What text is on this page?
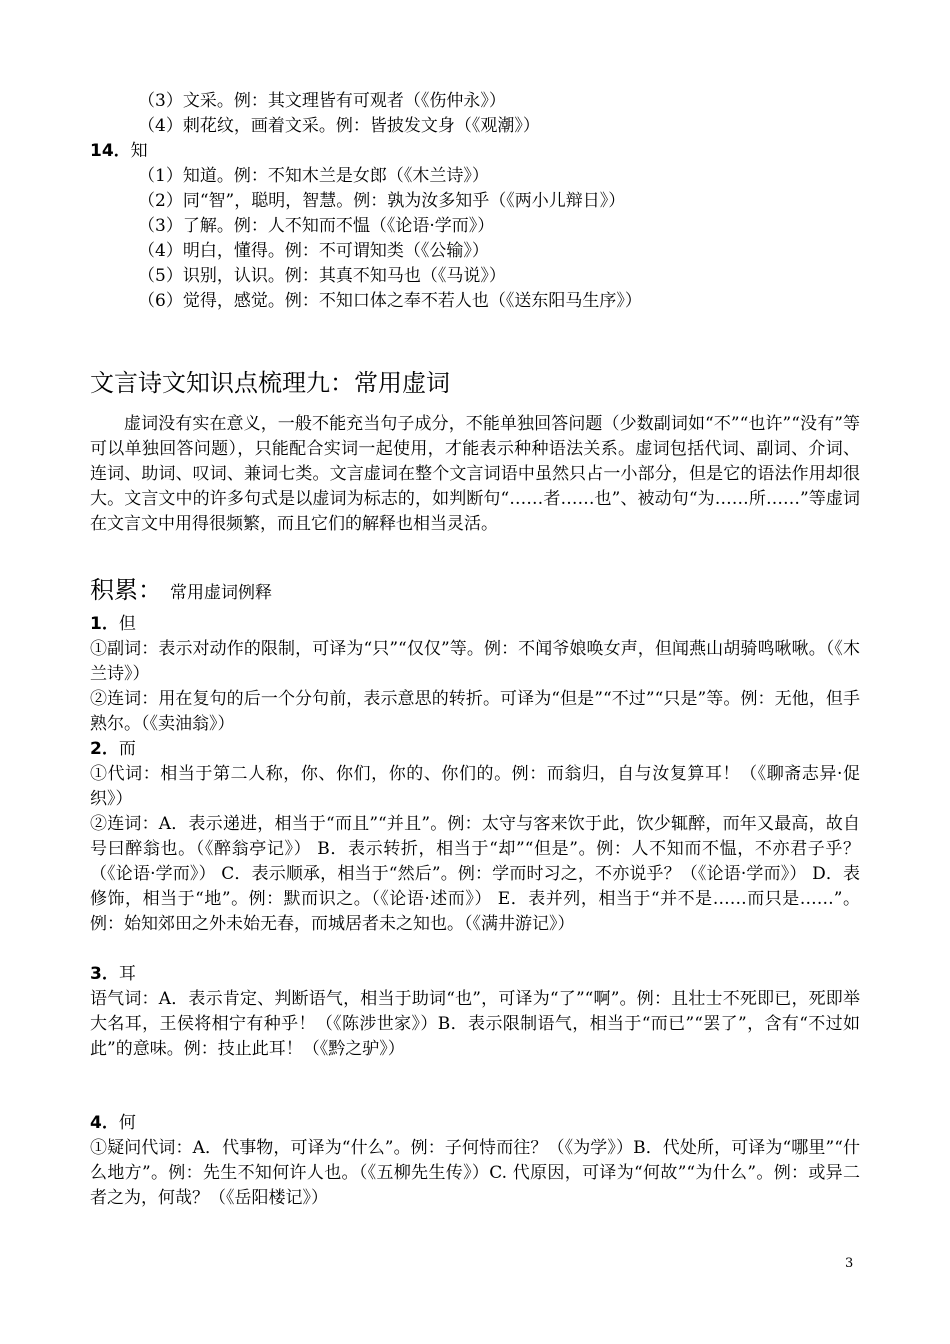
（3）文采。例：其文理皆有可观者（《伤仲永》）
（4）刺花纹，画着文采。例：皆披发文身（《观潮》）
14．知
（1）知道。例：不知木兰是女郎（《木兰诗》）
（2）同“智”，聪明，智慧。例：孰为汝多知乎（《两小儿辩日》）
（3）了解。例：人不知而不愠（《论语·学而》）
（4）明白，懂得。例：不可谓知类（《公输》）
（5）识别，认识。例：其真不知马也（《马说》）
（6）觉得，感觉。例：不知口体之奉不若人也（《送东阳马生序》）
文言诗文知识点梳理九：常用虚词
虚词没有实在意义，一般不能充当句子成分，不能单独回答问题（少数副词如“不”“也许”“没有”等可以单独回答问题），只能配合实词一起使用，才能表示种种语法关系。虚词包括代词、副词、介词、连词、助词、叹词、兼词七类。文言虚词在整个文言词语中虽然只占一小部分，但是它的语法作用却很大。文言文中的许多句式是以虚词为标志的，如判断句“……者……也”、被动句“为……所……”等虚词在文言文中用得很频繁，而且它们的解释也相当灵活。
积累： 常用虚词例释
1．但
①副词：表示对动作的限制，可译为“只”“仅仅”等。例：不闻爷娘唤女声，但闻燕山胡骑鸣啾啾。（《木兰诗》）
②连词：用在复句的后一个分句前，表示意思的转折。可译为“但是”“不过”“只是”等。例：无他，但手熟尔。（《卖油翁》）
2．而
①代词：相当于第二人称，你、你们，你的、你们的。例：而翁归，自与汝复算耳！（《聊斋志异·促织》）
②连词：A．表示递进，相当于“而且”“并且”。例：太守与客来饮于此，饮少辄醉，而年又最高，故自号曰醉翁也。（《醉翁亭记》） B．表示转折，相当于“却”“但是”。例：人不知而不愠，不亦君子乎？（《论语·学而》） C．表示顺承，相当于“然后”。例：学而时习之，不亦说乎？（《论语·学而》） D．表修饰，相当于“地”。例：默而识之。（《论语·述而》） E．表并列，相当于“并不是……而只是……”。例：始知郊田之外未始无春，而城居者未之知也。（《满井游记》）
3．耳
语气词：A．表示肯定、判断语气，相当于助词“也”，可译为“了”“啊”。例：且壮士不死即已，死即举大名耳，王侯将相宁有种乎！（《陈涉世家》）B．表示限制语气，相当于“而已”“罢了”，含有“不过如此”的意味。例：技止此耳！（《黔之驴》）
4．何
①疑问代词：A．代事物，可译为“什么”。例：子何恃而往？（《为学》）B．代处所，可译为“哪里”“什么地方”。例：先生不知何许人也。（《五柳先生传》）C. 代原因，可译为“何故”“为什么”。例：或异二者之为，何哉？（《岳阳楼记》）
3
